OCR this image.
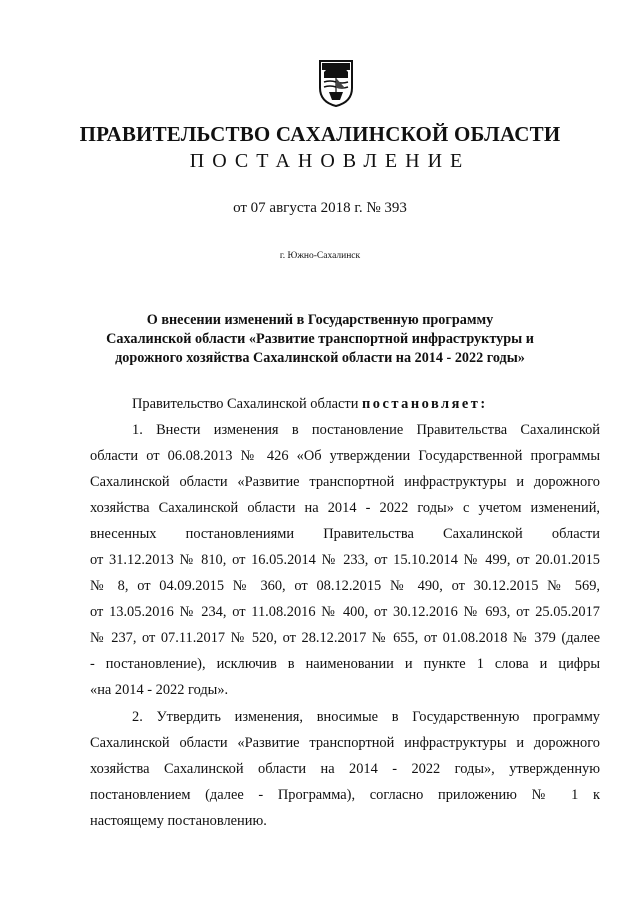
ПРАВИТЕЛЬСТВО САХАЛИНСКОЙ ОБЛАСТИ
ПОСТАНОВЛЕНИЕ
от 07 августа 2018 г. № 393
г. Южно-Сахалинск
О внесении изменений в Государственную программу
Сахалинской области «Развитие транспортной инфраструктуры и
дорожного хозяйства Сахалинской области на 2014 - 2022 годы»
Правительство Сахалинской области постановляет:
1. Внести изменения в постановление Правительства Сахалинской
области от 06.08.2013 № 426 «Об утверждении Государственной программы
Сахалинской области «Развитие транспортной инфраструктуры и дорожного
хозяйства Сахалинской области на 2014 - 2022 годы» с учетом изменений,
внесенных постановлениями Правительства Сахалинской области
от 31.12.2013 № 810, от 16.05.2014 № 233, от 15.10.2014 № 499, от 20.01.2015
№ 8, от 04.09.2015 № 360, от 08.12.2015 № 490, от 30.12.2015 № 569,
от 13.05.2016 № 234, от 11.08.2016 № 400, от 30.12.2016 № 693, от 25.05.2017
№ 237, от 07.11.2017 № 520, от 28.12.2017 № 655, от 01.08.2018 № 379 (далее
- постановление), исключив в наименовании и пункте 1 слова и цифры
«на 2014 - 2022 годы».
2. Утвердить изменения, вносимые в Государственную программу
Сахалинской области «Развитие транспортной инфраструктуры и дорожного
хозяйства Сахалинской области на 2014 - 2022 годы», утвержденную
постановлением (далее - Программа), согласно приложению № 1 к
настоящему постановлению.
